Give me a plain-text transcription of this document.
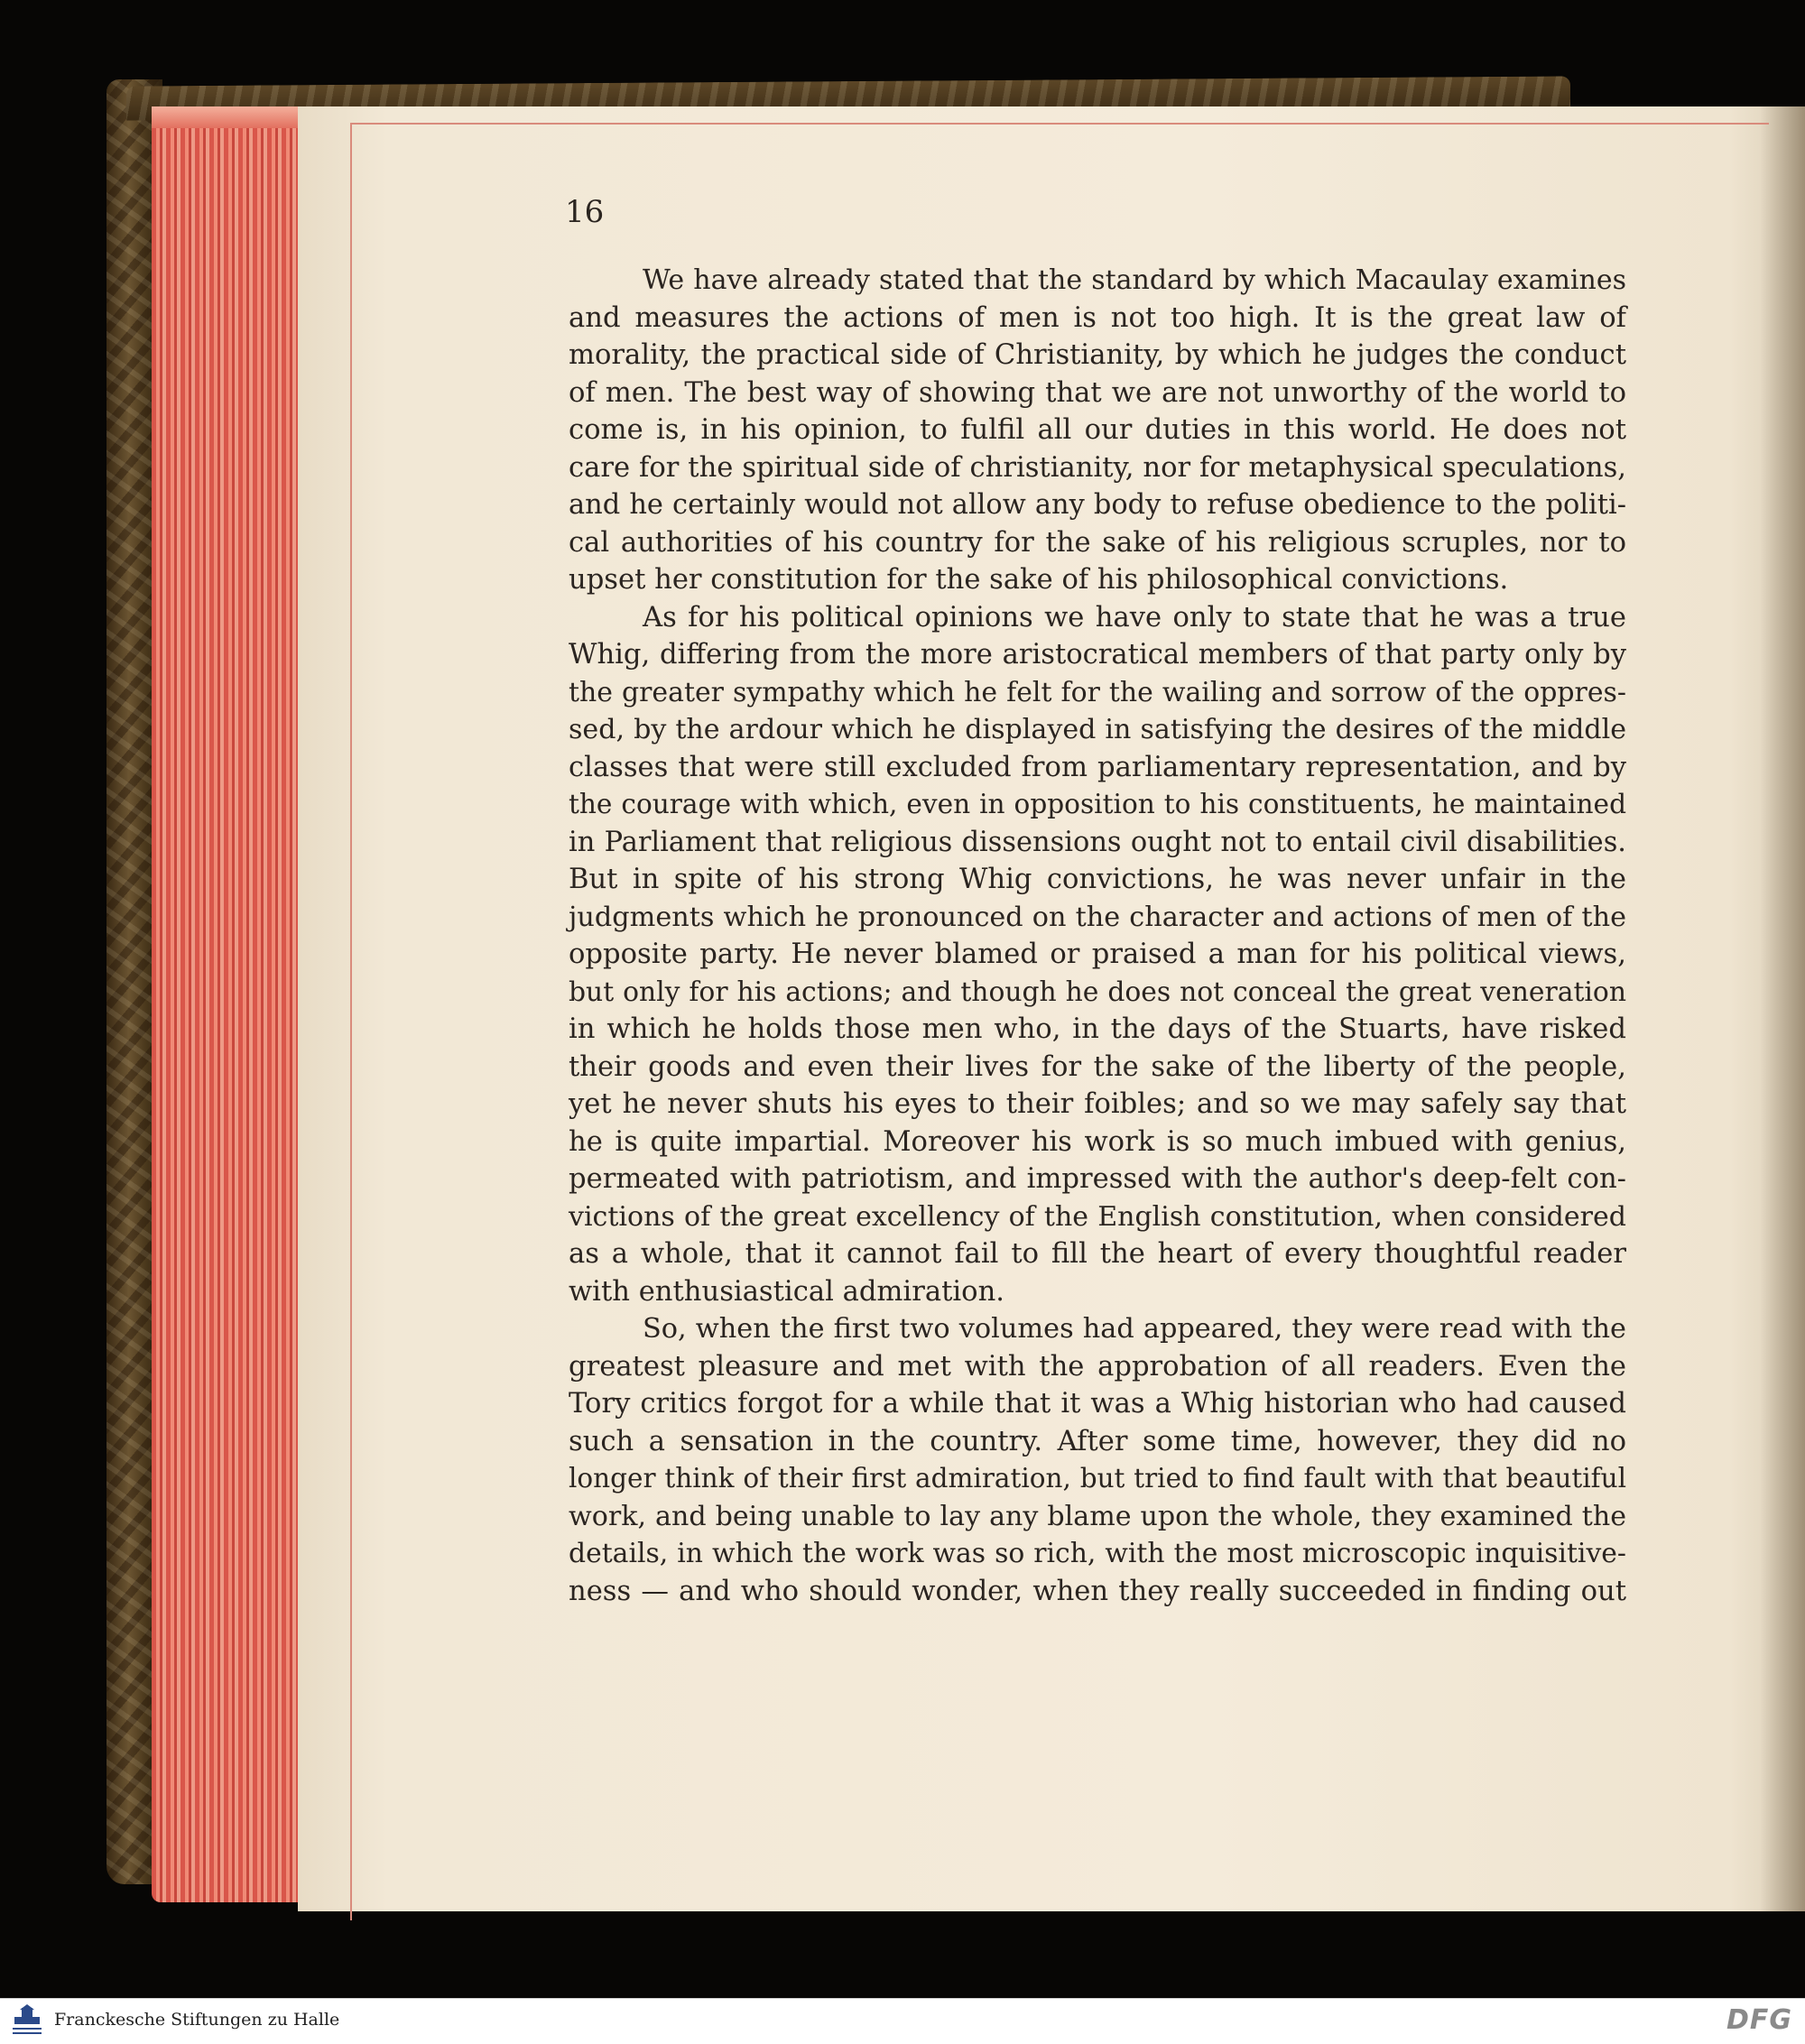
16
We have already stated that the standard by which Macaulay examines
and measures the actions of men is not too high. It is the great law of
morality, the practical side of Christianity, by which he judges the conduct
of men. The best way of showing that we are not unworthy of the world to
come is, in his opinion, to fulfil all our duties in this world. He does not
care for the spiritual side of christianity, nor for metaphysical speculations,
and he certainly would not allow any body to refuse obedience to the politi-
cal authorities of his country for the sake of his religious scruples, nor to
upset her constitution for the sake of his philosophical convictions.
As for his political opinions we have only to state that he was a true
Whig, differing from the more aristocratical members of that party only by
the greater sympathy which he felt for the wailing and sorrow of the oppres-
sed, by the ardour which he displayed in satisfying the desires of the middle
classes that were still excluded from parliamentary representation, and by
the courage with which, even in opposition to his constituents, he maintained
in Parliament that religious dissensions ought not to entail civil disabilities.
But in spite of his strong Whig convictions, he was never unfair in the
judgments which he pronounced on the character and actions of men of the
opposite party. He never blamed or praised a man for his political views,
but only for his actions; and though he does not conceal the great veneration
in which he holds those men who, in the days of the Stuarts, have risked
their goods and even their lives for the sake of the liberty of the people,
yet he never shuts his eyes to their foibles; and so we may safely say that
he is quite impartial. Moreover his work is so much imbued with genius,
permeated with patriotism, and impressed with the author's deep-felt con-
victions of the great excellency of the English constitution, when considered
as a whole, that it cannot fail to fill the heart of every thoughtful reader
with enthusiastical admiration.
So, when the first two volumes had appeared, they were read with the
greatest pleasure and met with the approbation of all readers. Even the
Tory critics forgot for a while that it was a Whig historian who had caused
such a sensation in the country. After some time, however, they did no
longer think of their first admiration, but tried to find fault with that beautiful
work, and being unable to lay any blame upon the whole, they examined the
details, in which the work was so rich, with the most microscopic inquisitive-
ness — and who should wonder, when they really succeeded in finding out
Franckesche Stiftungen zu Halle	DFG
